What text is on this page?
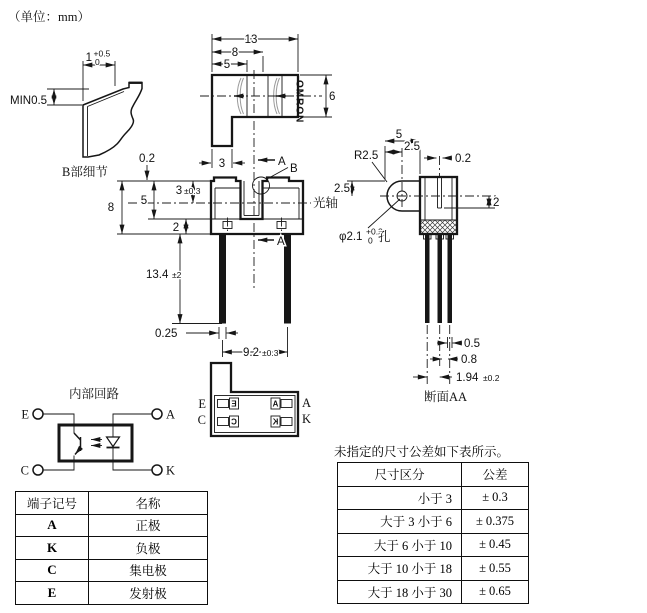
（单位：mm）
1 +0.5
0
MIN0.5
B部细节
OMRON
13
8
5
6
3	A
B
光轴
0.2
8
5
3 ±0.3
2
A
13.4 ±2
0.25
9.2 ±0.3
R2.5
5
2.5
0.2
2.5
2
φ2.1 +0.2
0 孔
0.5
0.8
1.94 ±0.2
断面AA
E
C
A
K
E
C
A
K
内部回路
E	A
C	K
端子记号	名称
A	正极
K	负极
C	集电极
E	发射极
未指定的尺寸公差如下表所示。
尺寸区分	公差
小于 3	± 0.3
大于 3 小于 6	± 0.375
大于 6 小于 10	± 0.45
大于 10 小于 18	± 0.55
大于 18 小于 30	± 0.65
